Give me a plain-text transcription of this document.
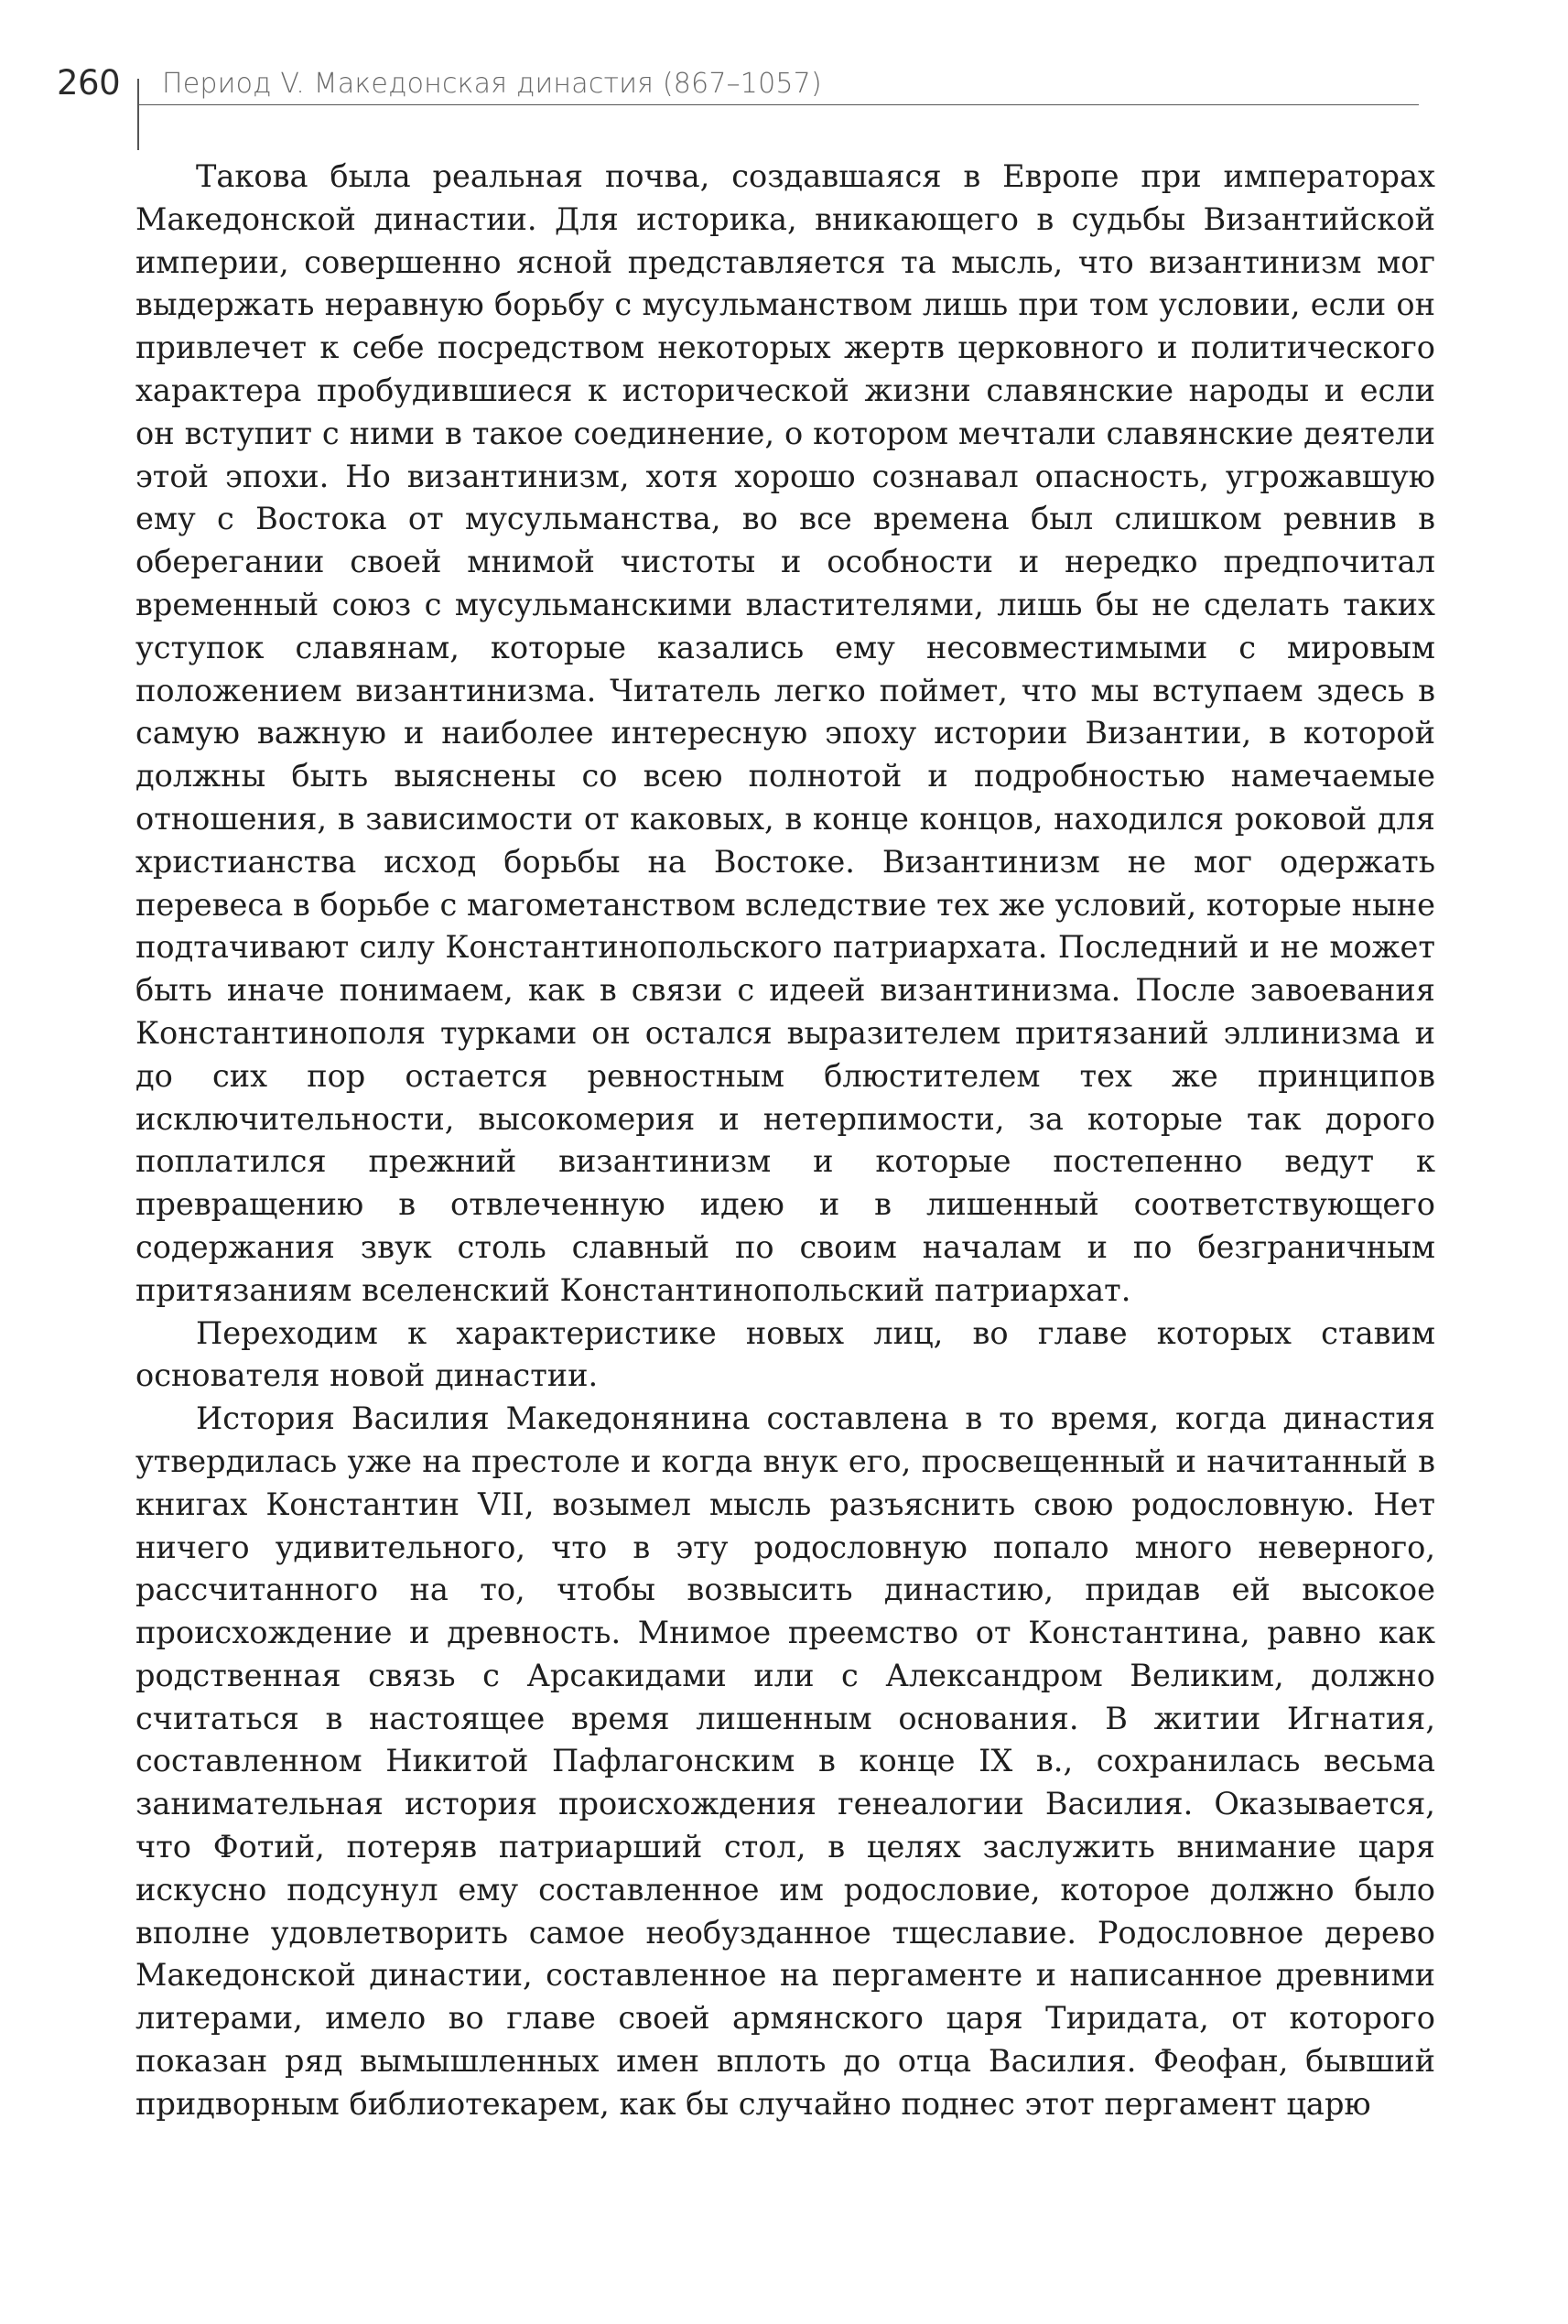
260 Период V. Македонская династия (867–1057)

Такова была реальная почва, создавшаяся в Европе при императорах Македонской династии. Для историка, вникающего в судьбы Византийской империи, совершенно ясной представляется та мысль, что византинизм мог выдержать неравную борьбу с мусульманством лишь при том условии, если он привлечет к себе посредством некоторых жертв церковного и политического характера пробудившиеся к исторической жизни славянские народы и если он вступит с ними в такое соединение, о котором мечтали славянские деятели этой эпохи. Но византинизм, хотя хорошо сознавал опасность, угрожавшую ему с Востока от мусульманства, во все времена был слишком ревнив в оберегании своей мнимой чистоты и особности и нередко предпочитал временный союз с мусульманскими властителями, лишь бы не сделать таких уступок славянам, которые казались ему несовместимыми с мировым положением византинизма. Читатель легко поймет, что мы вступаем здесь в самую важную и наиболее интересную эпоху истории Византии, в которой должны быть выяснены со всею полнотой и подробностью намечаемые отношения, в зависимости от каковых, в конце концов, находился роковой для христианства исход борьбы на Востоке. Византинизм не мог одержать перевеса в борьбе с магометанством вследствие тех же условий, которые ныне подтачивают силу Константинопольского патриархата. Последний и не может быть иначе понимаем, как в связи с идеей византинизма. После завоевания Константинополя турками он остался выразителем притязаний эллинизма и до сих пор остается ревностным блюстителем тех же принципов исключительности, высокомерия и нетерпимости, за которые так дорого поплатился прежний византинизм и которые постепенно ведут к превращению в отвлеченную идею и в лишенный соответствующего содержания звук столь славный по своим началам и по безграничным притязаниям вселенский Константинопольский патриархат.

Переходим к характеристике новых лиц, во главе которых ставим основателя новой династии.

История Василия Македонянина составлена в то время, когда династия утвердилась уже на престоле и когда внук его, просвещенный и начитанный в книгах Константин VII, возымел мысль разъяснить свою родословную. Нет ничего удивительного, что в эту родословную попало много неверного, рассчитанного на то, чтобы возвысить династию, придав ей высокое происхождение и древность. Мнимое преемство от Константина, равно как родственная связь с Арсакидами или с Александром Великим, должно считаться в настоящее время лишенным основания. В житии Игнатия, составленном Никитой Пафлагонским в конце IX в., сохранилась весьма занимательная история происхождения генеалогии Василия. Оказывается, что Фотий, потеряв патриарший стол, в целях заслужить внимание царя искусно подсунул ему составленное им родословие, которое должно было вполне удовлетворить самое необузданное тщеславие. Родословное дерево Македонской династии, составленное на пергаменте и написанное древними литерами, имело во главе своей армянского царя Тиридата, от которого показан ряд вымышленных имен вплоть до отца Василия. Феофан, бывший придворным библиотекарем, как бы случайно поднес этот пергамент царю
